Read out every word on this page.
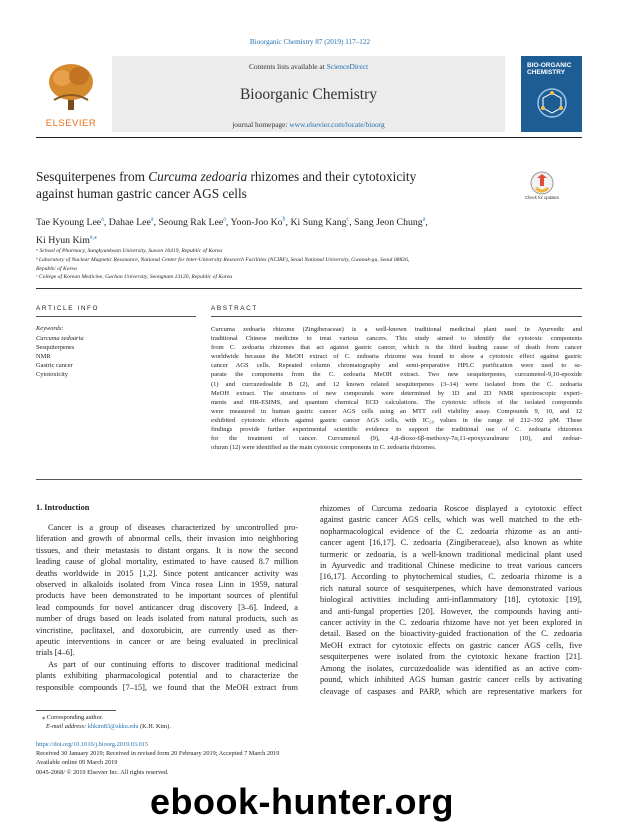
Bioorganic Chemistry 87 (2019) 117–122
ELSEVIER
Contents lists available at ScienceDirect
Bioorganic Chemistry
journal homepage: www.elsevier.com/locate/bioorg
BIO-ORGANIC CHEMISTRY
Sesquiterpenes from Curcuma zedoaria rhizomes and their cytotoxicity
against human gastric cancer AGS cells	Check for updates
Tae Kyoung Lee$^a$, Dahae Lee$^a$, Seoung Rak Lee$^a$, Yoon-Joo Ko$^b$, Ki Sung Kang$^c$, Sang Jeon Chung$^a$,
Ki Hyun Kim$^{a,⁎}$
ᵃ School of Pharmacy, Sungkyunkwan University, Suwon 16419, Republic of Korea
ᵇ Laboratory of Nuclear Magnetic Resonance, National Center for Inter-University Research Facilities (NCIRF), Seoul National University, Gwanak-gu, Seoul 08826,
Republic of Korea
ᶜ College of Korean Medicine, Gachon University, Seongnam 13120, Republic of Korea
ARTICLE INFO
Keywords:
Curcuma zedoaria
Sesquiterpenes
NMR
Gastric cancer
Cytotoxicity
ABSTRACT
Curcuma zedoaria rhizome (Zingiberaceae) is a well-known traditional medicinal plant used in Ayurvedic and
traditional Chinese medicine to treat various cancers. This study aimed to identify the cytotoxic components
from C. zedoaria rhizomes that act against gastric cancer, which is the third leading cause of death from cancer
worldwide because the MeOH extract of C. zedoaria rhizome was found to show a cytotoxic effect against gastric
cancer AGS cells. Repeated column chromatography and semi-preparative HPLC purification were used to se-
parate the components from the C. zedoaria MeOH extract. Two new sesquiterpenes, curcumenol-9,10-epoxide
(1) and curcuzedoalide B (2), and 12 known related sesquiterpenes (3–14) were isolated from the C. zedoaria
MeOH extract. The structures of new compounds were determined by 1D and 2D NMR spectroscopic experi-
ments and HR-ESIMS, and quantum chemical ECD calculations. The cytotoxic effects of the isolated compounds
were measured in human gastric cancer AGS cells using an MTT cell viability assay. Compounds 9, 10, and 12
exhibited cytotoxic effects against gastric cancer AGS cells, with IC₅₀ values in the range of 212–392 µM. These
findings provide further experimental scientific evidence to support the traditional use of C. zedoaria rhizomes
for the treatment of cancer. Curcumenol (9), 4,8-dioxo-6β-methoxy-7α,11-epoxycarabrane (10), and zedoar-
ofuran (12) were identified as the main cytotoxic components in C. zedoaria rhizomes.
1. Introduction
Cancer is a group of diseases characterized by uncontrolled pro-
liferation and growth of abnormal cells, their invasion into neighboring
tissues, and their metastasis to distant organs. It is now the second
leading cause of global mortality, estimated to have caused 8.7 million
deaths worldwide in 2015 [1,2]. Since potent anticancer activity was
observed in alkaloids isolated from Vinca rosea Linn in 1959, natural
products have been demonstrated to be important sources of plentiful
lead compounds for novel anticancer drug discovery [3–6]. Indeed, a
number of drugs based on leads isolated from natural products, such as
vincristine, paclitaxel, and doxorubicin, are currently used as ther-
apeutic interventions in cancer or are being evaluated in preclinical
trials [4–6].
As part of our continuing efforts to discover traditional medicinal
plants exhibiting pharmacological potential and to characterize the
responsible compounds [7–15], we found that the MeOH extract from
rhizomes of Curcuma zedoaria Roscoe displayed a cytotoxic effect
against gastric cancer AGS cells, which was well matched to the eth-
nopharmacological evidence of the C. zedoaria rhizome as an anti-
cancer agent [16,17]. C. zedoaria (Zingiberaceae), also known as white
turmeric or zedoaria, is a well-known traditional medicinal plant used
in Ayurvedic and traditional Chinese medicine to treat various cancers
[16,17]. According to phytochemical studies, C. zedoaria rhizome is a
rich natural source of sesquiterpenes, which have demonstrated various
biological activities including anti-inflammatory [18], cytotoxic [19],
and anti-fungal properties [20]. However, the compounds having anti-
cancer activity in the C. zedoaria rhizome have not yet been explored in
detail. Based on the bioactivity-guided fractionation of the C. zedoaria
MeOH extract for cytotoxic effects on gastric cancer AGS cells, five
sesquiterpenes were isolated from the cytotoxic hexane fraction [21].
Among the isolates, curcuzedoalide was identified as an active com-
pound, which inhibited AGS human gastric cancer cells by activating
cleavage of caspases and PARP, which are representative markers for
⁎ Corresponding author.
E-mail address: khkim83@skku.edu (K.H. Kim).
https://doi.org/10.1016/j.bioorg.2019.03.015
Received 30 January 2019; Received in revised form 20 February 2019; Accepted 7 March 2019
Available online 09 March 2019
0045-2068/ © 2019 Elsevier Inc. All rights reserved.
ebook-hunter.org
